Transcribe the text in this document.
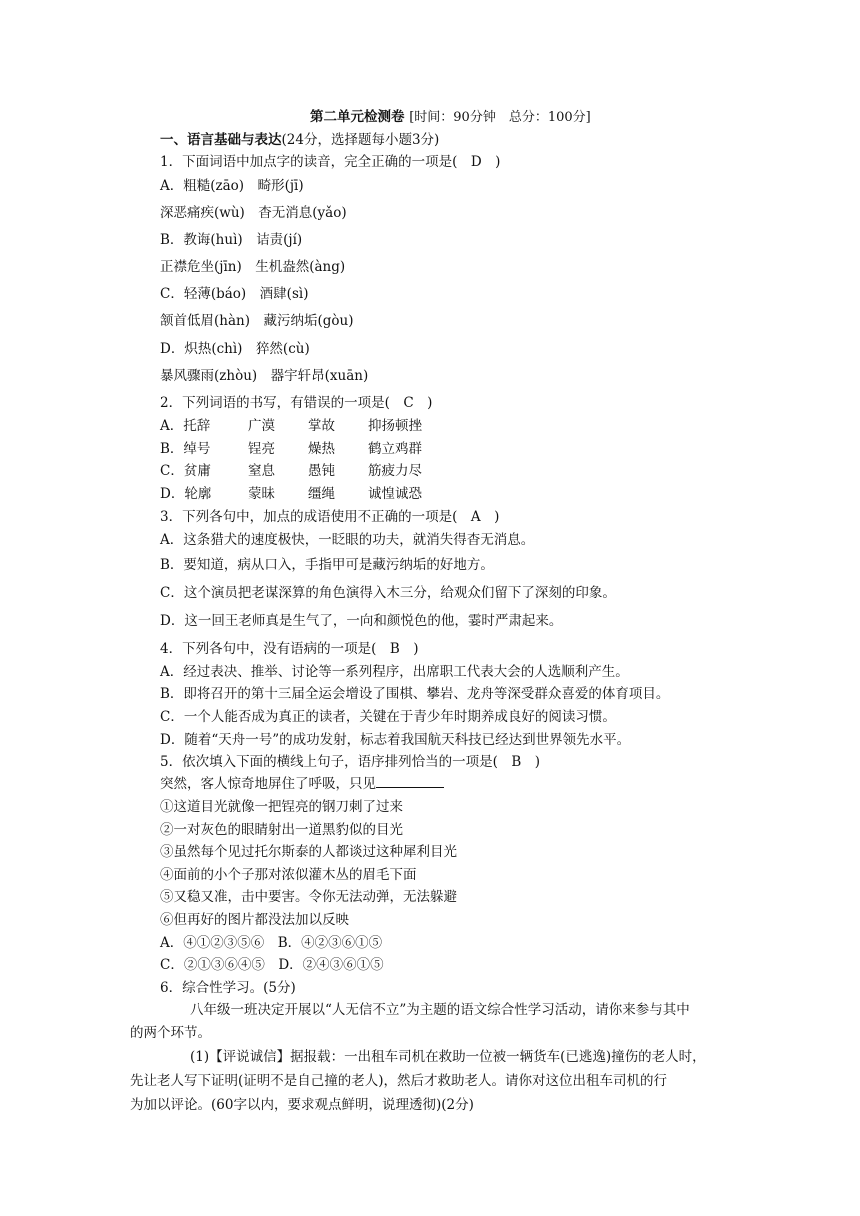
第二单元检测卷 [时间：90分钟　总分：100分]
一、语言基础与表达(24分，选择题每小题3分)
1．下面词语中加点字的读音，完全正确的一项是(　D　)
A．粗糙(zāo)　畸形(jī)
深恶痛疾(wù)　杳无消息(yǎo)
B．教诲(huì)　诘责(jí)
正襟危坐(jīn)　生机盎然(àng)
C．轻薄(báo)　酒肆(sì)
颔首低眉(hàn)　藏污纳垢(gòu)
D．炽热(chì)　猝然(cù)
暴风骤雨(zhòu)　器宇轩昂(xuān)
2．下列词语的书写，有错误的一项是(　C　)
A．托辞	广漠 掌故 抑扬顿挫
B．绰号	锃亮 燥热 鹤立鸡群
C．贫庸	窒息 愚钝 筋疲力尽
D．轮廓	蒙昧 缰绳 诚惶诚恐
3．下列各句中，加点的成语使用不正确的一项是(　A　)
A．这条猎犬的速度极快，一眨眼的功夫，就消失得杳无消息。
B．要知道，病从口入，手指甲可是藏污纳垢的好地方。
C．这个演员把老谋深算的角色演得入木三分，给观众们留下了深刻的印象。
D．这一回王老师真是生气了，一向和颜悦色的他，霎时严肃起来。
4．下列各句中，没有语病的一项是(　B　)
A．经过表决、推举、讨论等一系列程序，出席职工代表大会的人选顺利产生。
B．即将召开的第十三届全运会增设了围棋、攀岩、龙舟等深受群众喜爱的体育项目。
C．一个人能否成为真正的读者，关键在于青少年时期养成良好的阅读习惯。
D．随着“天舟一号”的成功发射，标志着我国航天科技已经达到世界领先水平。
5．依次填入下面的横线上句子，语序排列恰当的一项是(　B　)
突然，客人惊奇地屏住了呼吸，只见
①这道目光就像一把锃亮的钢刀刺了过来
②一对灰色的眼睛射出一道黑豹似的目光
③虽然每个见过托尔斯泰的人都谈过这种犀利目光
④面前的小个子那对浓似灌木丛的眉毛下面
⑤又稳又准，击中要害。令你无法动弹，无法躲避
⑥但再好的图片都没法加以反映
A．④①②③⑤⑥　B．④②③⑥①⑤
C．②①③⑥④⑤　D．②④③⑥①⑤
6．综合性学习。(5分)
八年级一班决定开展以“人无信不立”为主题的语文综合性学习活动，请你来参与其中
的两个环节。
(1)【评说诚信】据报载：一出租车司机在救助一位被一辆货车(已逃逸)撞伤的老人时，
先让老人写下证明(证明不是自己撞的老人)，然后才救助老人。请你对这位出租车司机的行
为加以评论。(60字以内，要求观点鲜明，说理透彻)(2分)
